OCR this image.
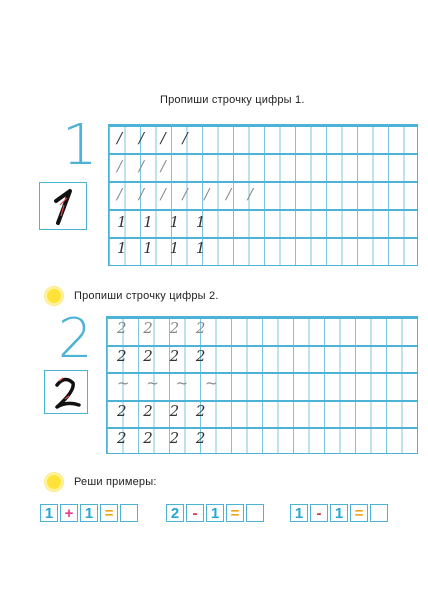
Пропиши строчку цифры 1.
1 / / / /
∕ ∕ ∕
∕ / ∕ / ∕ / /
1 1 1 1
1 1 1 1
Пропиши строчку цифры 2.
2 2 2 2 2
2 2 2 2
~ ~ ~ ~
2 2 2 2
2 2 2 2
Реши примеры:
1 + 1 =	2 - 1 =	1 - 1 =
